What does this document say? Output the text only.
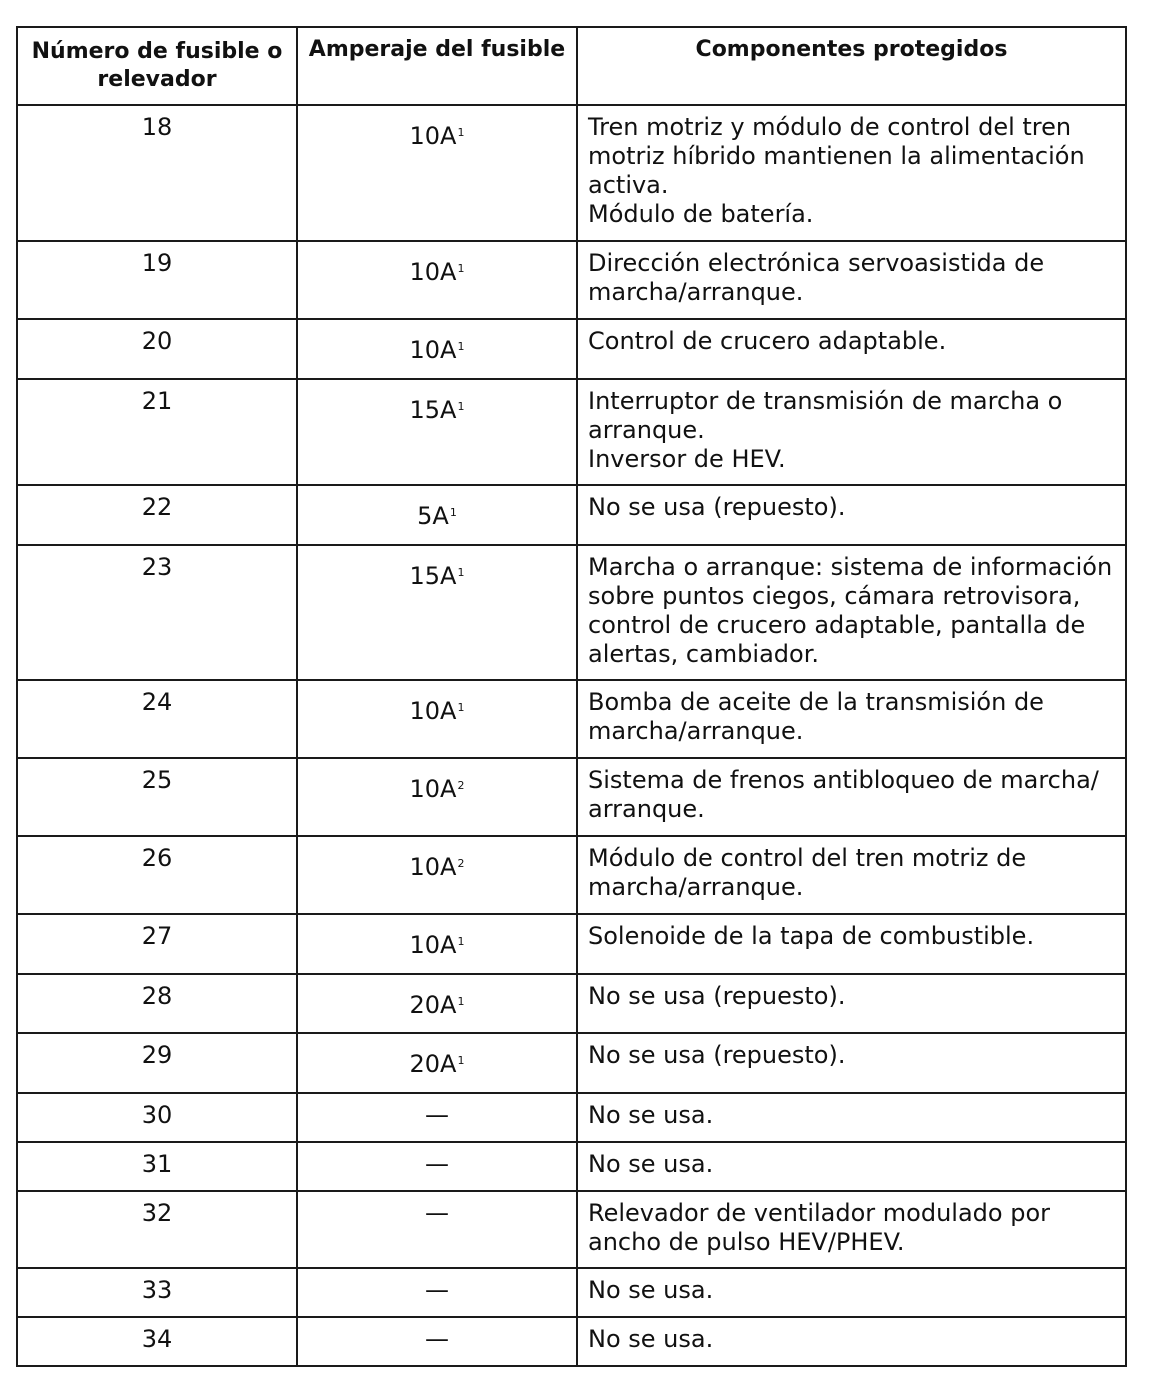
Número de fusible o relevador	Amperaje del fusible	Componentes protegidos
18	$10A^1$	Tren motriz y módulo de control del tren motriz híbrido mantienen la alimentación activa.
Módulo de batería.

19	$10A^1$	Dirección electrónica servoasistida de marcha/arranque.

20	$10A^1$	Control de crucero adaptable.

21	$15A^1$	Interruptor de transmisión de marcha o arranque.
Inversor de HEV.

22	$5A^1$	No se usa (repuesto).

23	$15A^1$	Marcha o arranque: sistema de información sobre puntos ciegos, cámara retrovisora, control de crucero adaptable, pantalla de alertas, cambiador.

24	$10A^1$	Bomba de aceite de la transmisión de marcha/arranque.

25	$10A^2$	Sistema de frenos antibloqueo de marcha/ arranque.

26	$10A^2$	Módulo de control del tren motriz de marcha/arranque.

27	$10A^1$	Solenoide de la tapa de combustible.

28	$20A^1$	No se usa (repuesto).

29	$20A^1$	No se usa (repuesto).

30	—	No se usa.

31	—	No se usa.

32	—	Relevador de ventilador modulado por ancho de pulso HEV/PHEV.

33	—	No se usa.

34	—	No se usa.
